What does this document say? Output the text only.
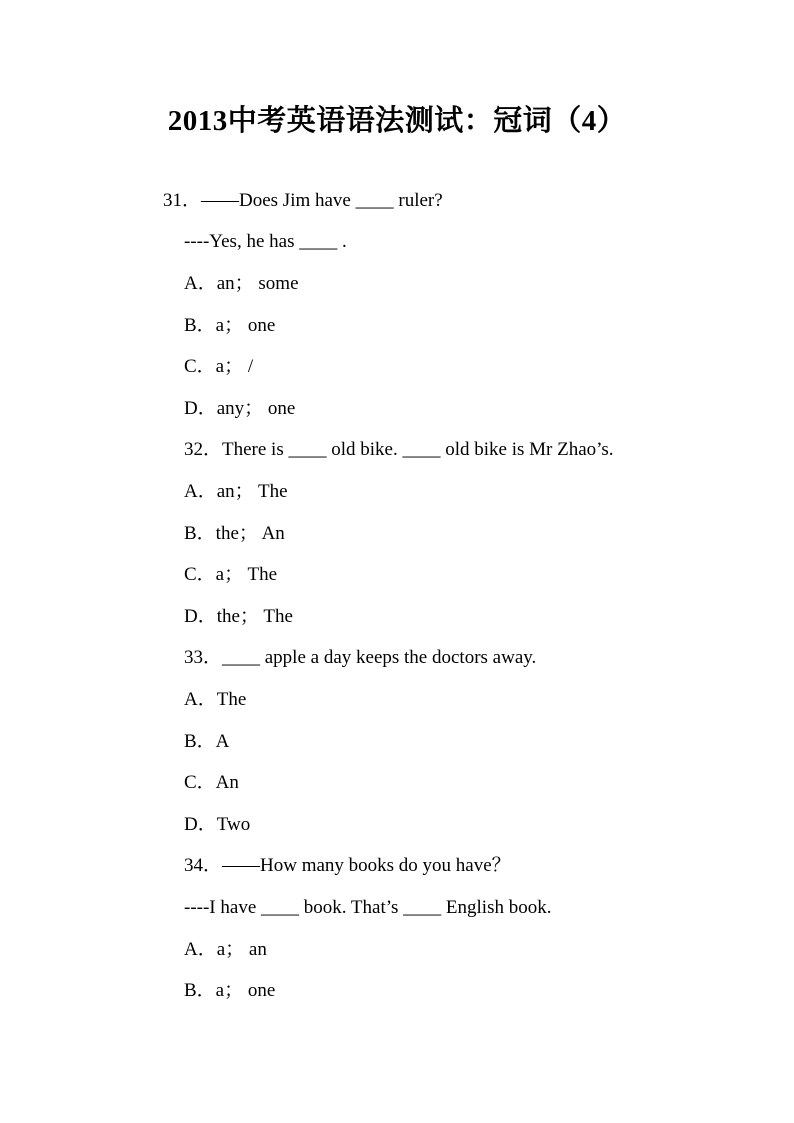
2013中考英语语法测试：冠词（4）
31．——Does Jim have ____ ruler?
----Yes, he has ____ .
A．an； some
B．a； one
C．a； /
D．any； one
32．There is ____ old bike. ____ old bike is Mr Zhao’s.
A．an； The
B．the； An
C．a； The
D．the； The
33．____ apple a day keeps the doctors away.
A．The
B．A
C．An
D．Two
34．——How many books do you have？
----I have ____ book. That’s ____ English book.
A．a； an
B．a； one
